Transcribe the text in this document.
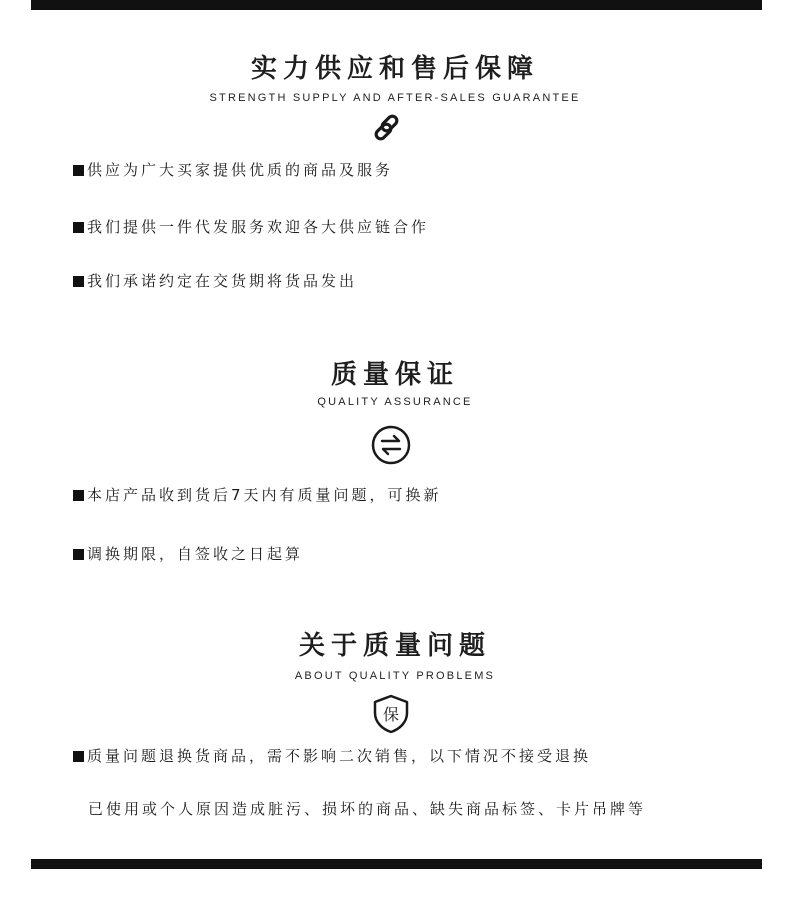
实力供应和售后保障
STRENGTH SUPPLY AND AFTER-SALES GUARANTEE
供应为广大买家提供优质的商品及服务
我们提供一件代发服务欢迎各大供应链合作
我们承诺约定在交货期将货品发出
质量保证
QUALITY ASSURANCE
本店产品收到货后7天内有质量问题，可换新
调换期限，自签收之日起算
关于质量问题
ABOUT QUALITY PROBLEMS
保
质量问题退换货商品，需不影响二次销售，以下情况不接受退换
已使用或个人原因造成脏污、损坏的商品、缺失商品标签、卡片吊牌等
